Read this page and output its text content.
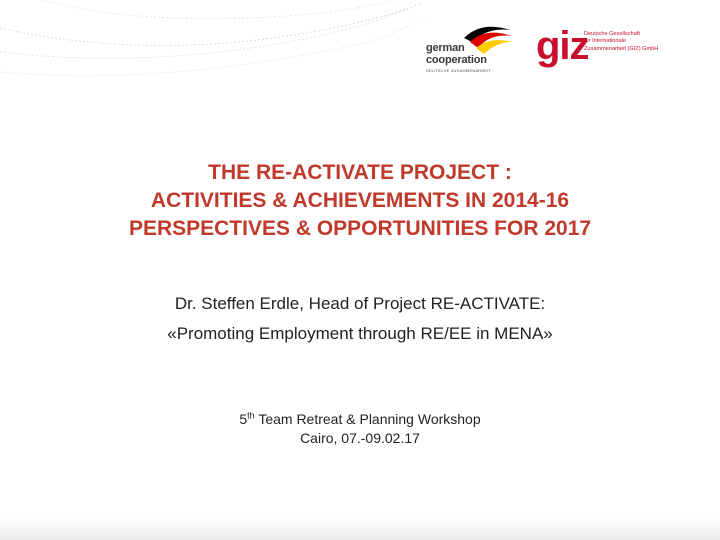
german
cooperation
DEUTSCHE ZUSAMMENARBEIT
giz
Deutsche Gesellschaft
für Internationale
Zusammenarbeit (GIZ) GmbH
THE RE-ACTIVATE PROJECT :
ACTIVITIES & ACHIEVEMENTS IN 2014-16
PERSPECTIVES & OPPORTUNITIES FOR 2017
Dr. Steffen Erdle, Head of Project RE-ACTIVATE:
«Promoting Employment through RE/EE in MENA»
5th Team Retreat & Planning Workshop
Cairo, 07.-09.02.17
